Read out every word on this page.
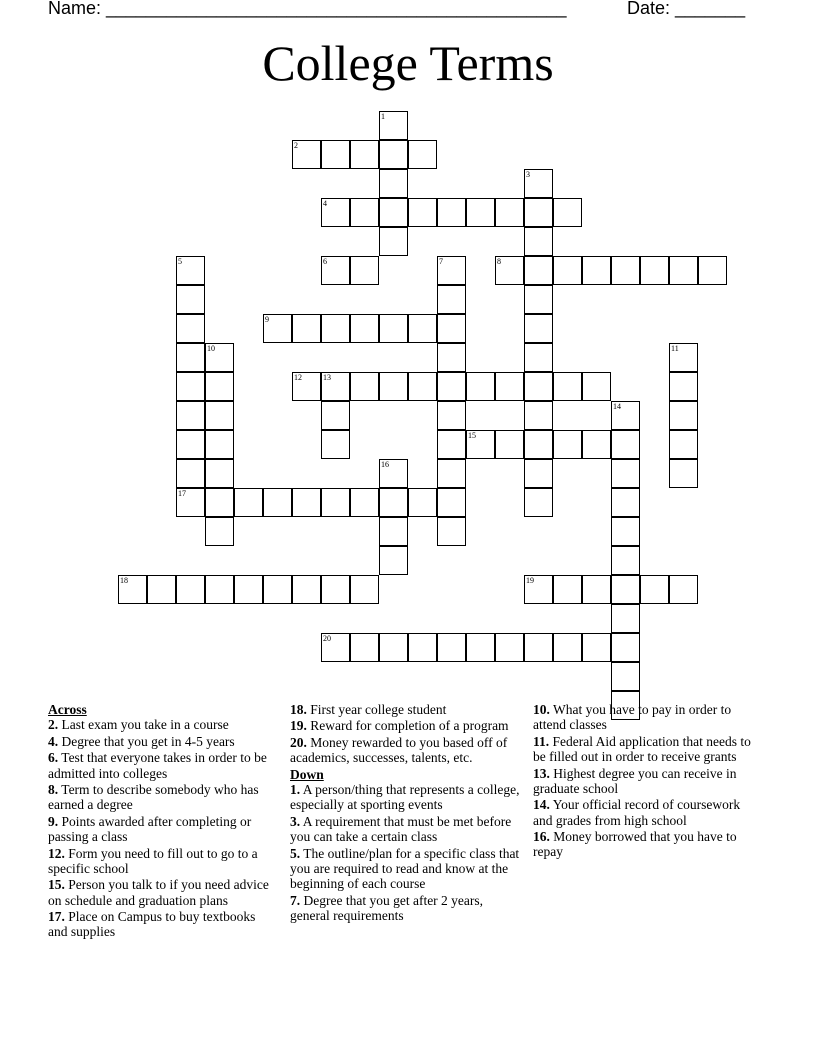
Name: ______________________________________________	Date: _______
College Terms
1
2
3
4
5	6	7	8
9
10	11
12	13
14
15
16
17
18	19
20

Across

2. Last exam you take in a course

4. Degree that you get in 4-5 years

6. Test that everyone takes in order to be admitted into colleges

8. Term to describe somebody who has earned a degree

9. Points awarded after completing or passing a class

12. Form you need to fill out to go to a specific school

15. Person you talk to if you need advice on schedule and graduation plans

17. Place on Campus to buy textbooks and supplies

18. First year college student

19. Reward for completion of a program

20. Money rewarded to you based off of academics, successes, talents, etc.

Down

1. A person/thing that represents a college, especially at sporting events

3. A requirement that must be met before you can take a certain class

5. The outline/plan for a specific class that you are required to read and know at the beginning of each course

7. Degree that you get after 2 years, general requirements

10. What you have to pay in order to attend classes

11. Federal Aid application that needs to be filled out in order to receive grants

13. Highest degree you can receive in graduate school

14. Your official record of coursework and grades from high school

16. Money borrowed that you have to repay
